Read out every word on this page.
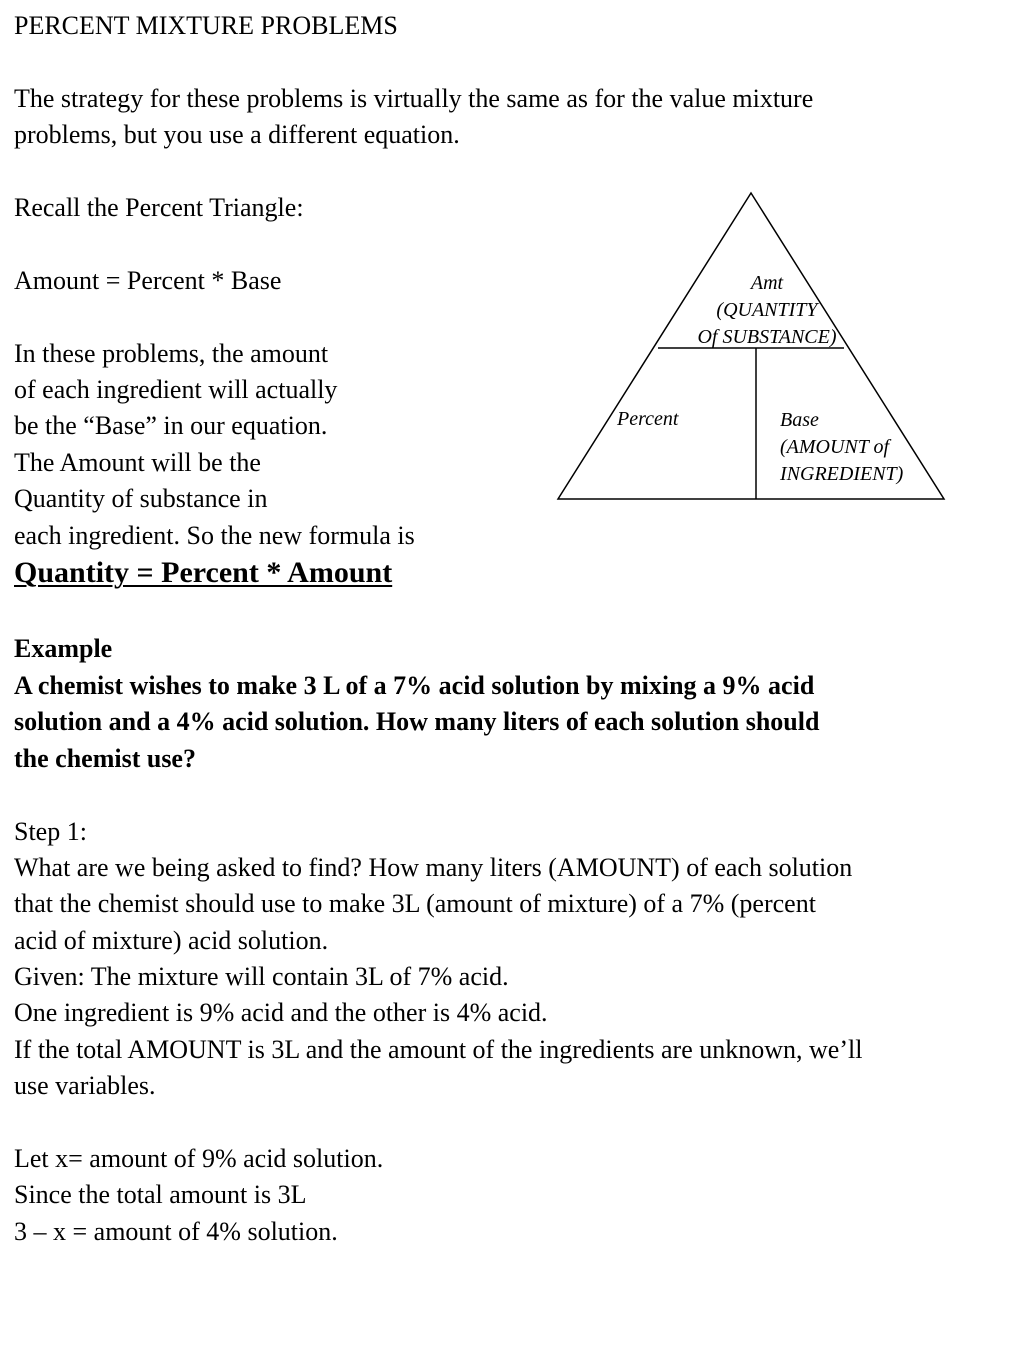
PERCENT MIXTURE PROBLEMS
The strategy for these problems is virtually the same as for the value mixture
problems, but you use a different equation.
Recall the Percent Triangle:
Amount = Percent * Base
In these problems, the amount
of each ingredient will actually
be the “Base” in our equation.
The Amount will be the
Quantity of substance in
each ingredient. So the new formula is
Quantity = Percent * Amount
Amt
(QUANTITY
Of SUBSTANCE)
Percent	Base
(AMOUNT of
INGREDIENT)
Example
A chemist wishes to make 3 L of a 7% acid solution by mixing a 9% acid
solution and a 4% acid solution. How many liters of each solution should
the chemist use?
Step 1:
What are we being asked to find? How many liters (AMOUNT) of each solution
that the chemist should use to make 3L (amount of mixture) of a 7% (percent
acid of mixture) acid solution.
Given: The mixture will contain 3L of 7% acid.
One ingredient is 9% acid and the other is 4% acid.
If the total AMOUNT is 3L and the amount of the ingredients are unknown, we’ll
use variables.
Let x= amount of 9% acid solution.
Since the total amount is 3L
3 – x = amount of 4% solution.
